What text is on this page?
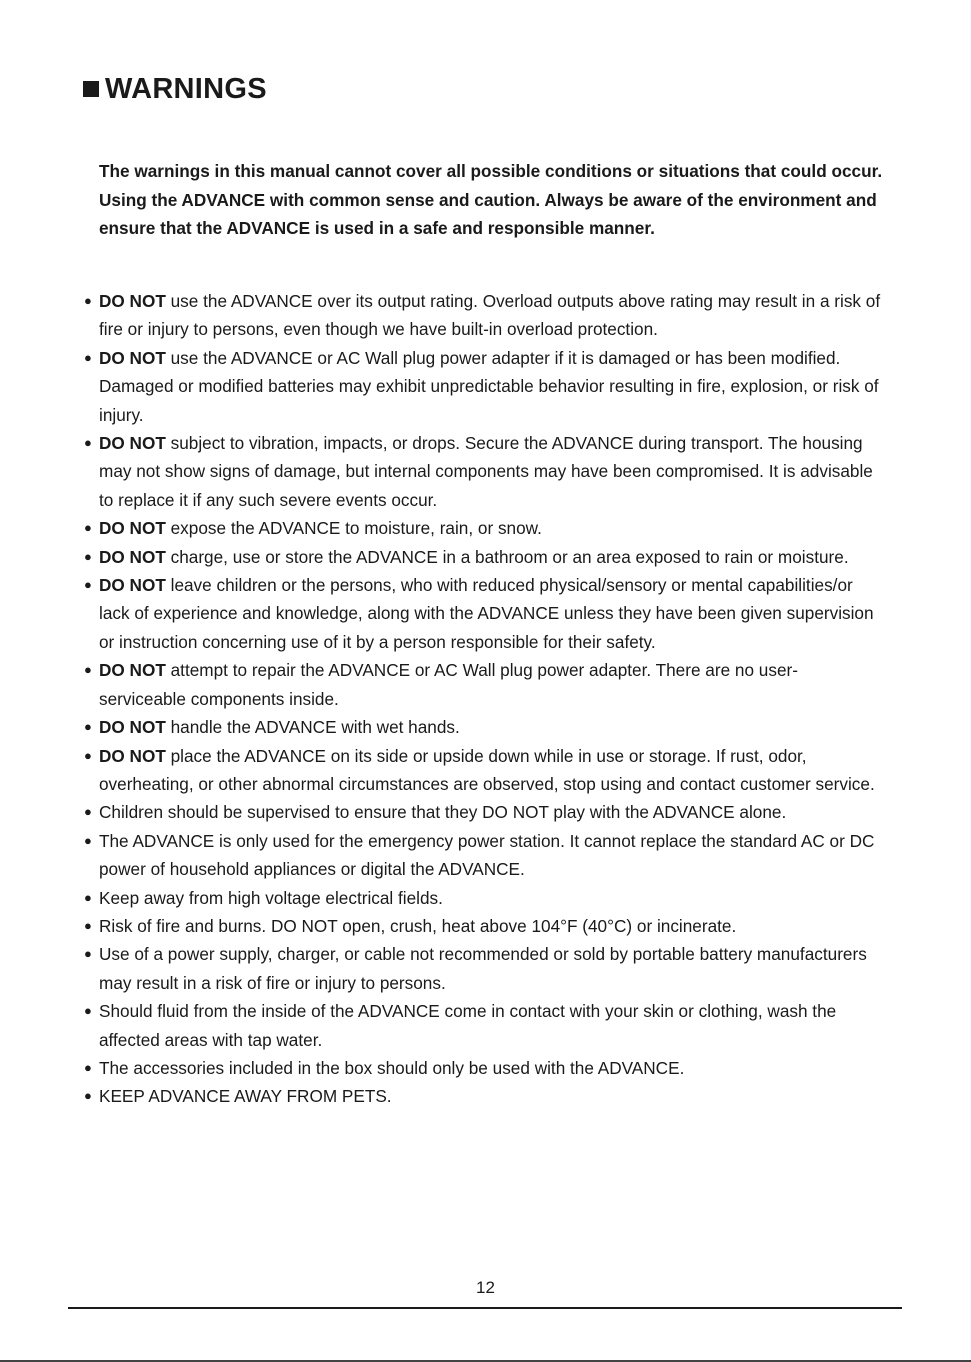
WARNINGS

The warnings in this manual cannot cover all possible conditions or situations that could occur.

Using the ADVANCE with common sense and caution. Always be aware of the environment and ensure that the ADVANCE is used in a safe and responsible manner.

● DO NOT use the ADVANCE over its output rating. Overload outputs above rating may result in a risk of fire or injury to persons, even though we have built-in overload protection.
● DO NOT use the ADVANCE or AC Wall plug power adapter if it is damaged or has been modified. Damaged or modified batteries may exhibit unpredictable behavior resulting in fire, explosion, or risk of injury.
● DO NOT subject to vibration, impacts, or drops. Secure the ADVANCE during transport. The housing may not show signs of damage, but internal components may have been compromised. It is advisable to replace it if any such severe events occur.
● DO NOT expose the ADVANCE to moisture, rain, or snow.
● DO NOT charge, use or store the ADVANCE in a bathroom or an area exposed to rain or moisture.
● DO NOT leave children or the persons, who with reduced physical/sensory or mental capabilities/or lack of experience and knowledge, along with the ADVANCE unless they have been given supervision or instruction concerning use of it by a person responsible for their safety.
● DO NOT attempt to repair the ADVANCE or AC Wall plug power adapter. There are no user-serviceable components inside.
● DO NOT handle the ADVANCE with wet hands.
● DO NOT place the ADVANCE on its side or upside down while in use or storage. If rust, odor, overheating, or other abnormal circumstances are observed, stop using and contact customer service.
● Children should be supervised to ensure that they DO NOT play with the ADVANCE alone.
● The ADVANCE is only used for the emergency power station. It cannot replace the standard AC or DC power of household appliances or digital the ADVANCE.
● Keep away from high voltage electrical fields.
● Risk of fire and burns. DO NOT open, crush, heat above 104°F (40°C) or incinerate.
● Use of a power supply, charger, or cable not recommended or sold by portable battery manufacturers may result in a risk of fire or injury to persons.
● Should fluid from the inside of the ADVANCE come in contact with your skin or clothing, wash the affected areas with tap water.
● The accessories included in the box should only be used with the ADVANCE.
● KEEP ADVANCE AWAY FROM PETS.
12
